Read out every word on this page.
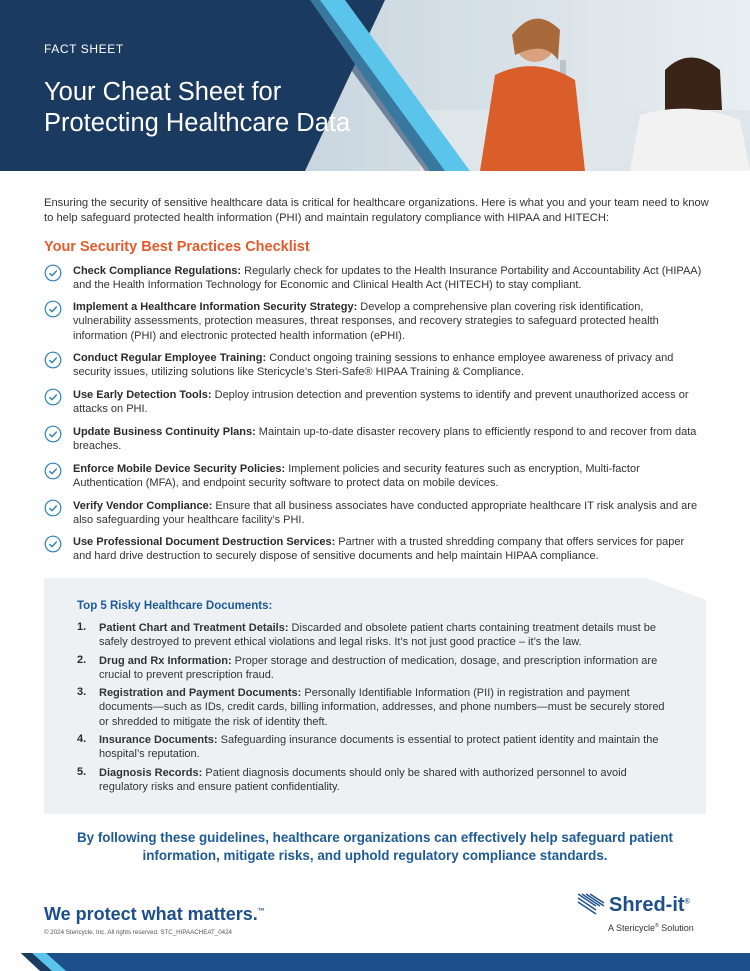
FACT SHEET
Your Cheat Sheet for
Protecting Healthcare Data

Ensuring the security of sensitive healthcare data is critical for healthcare organizations. Here is what you and your team need to know to help safeguard protected health information (PHI) and maintain regulatory compliance with HIPAA and HITECH:

Your Security Best Practices Checklist

Check Compliance Regulations: Regularly check for updates to the Health Insurance Portability and Accountability Act (HIPAA) and the Health Information Technology for Economic and Clinical Health Act (HITECH) to stay compliant.

Implement a Healthcare Information Security Strategy: Develop a comprehensive plan covering risk identification, vulnerability assessments, protection measures, threat responses, and recovery strategies to safeguard protected health information (PHI) and electronic protected health information (ePHI).

Conduct Regular Employee Training: Conduct ongoing training sessions to enhance employee awareness of privacy and security issues, utilizing solutions like Stericycle’s Steri-Safe® HIPAA Training & Compliance.

Use Early Detection Tools: Deploy intrusion detection and prevention systems to identify and prevent unauthorized access or attacks on PHI.

Update Business Continuity Plans: Maintain up-to-date disaster recovery plans to efficiently respond to and recover from data breaches.

Enforce Mobile Device Security Policies: Implement policies and security features such as encryption, Multi-factor Authentication (MFA), and endpoint security software to protect data on mobile devices.

Verify Vendor Compliance: Ensure that all business associates have conducted appropriate healthcare IT risk analysis and are also safeguarding your healthcare facility’s PHI.

Use Professional Document Destruction Services: Partner with a trusted shredding company that offers services for paper and hard drive destruction to securely dispose of sensitive documents and help maintain HIPAA compliance.

Top 5 Risky Healthcare Documents:
1. Patient Chart and Treatment Details: Discarded and obsolete patient charts containing treatment details must be safely destroyed to prevent ethical violations and legal risks. It’s not just good practice – it’s the law.

2. Drug and Rx Information: Proper storage and destruction of medication, dosage, and prescription information are crucial to prevent prescription fraud.

3. Registration and Payment Documents: Personally Identifiable Information (PII) in registration and payment documents—such as IDs, credit cards, billing information, addresses, and phone numbers—must be securely stored or shredded to mitigate the risk of identity theft.

4. Insurance Documents: Safeguarding insurance documents is essential to protect patient identity and maintain the hospital’s reputation.

5. Diagnosis Records: Patient diagnosis documents should only be shared with authorized personnel to avoid regulatory risks and ensure patient confidentiality.

By following these guidelines, healthcare organizations can effectively help safeguard patient information, mitigate risks, and uphold regulatory compliance standards.

We protect what matters.™
© 2024 Stericycle, Inc. All rights reserved. STC_HIPAACHEAT_0424
Shred-it®
A Stericycle® Solution
